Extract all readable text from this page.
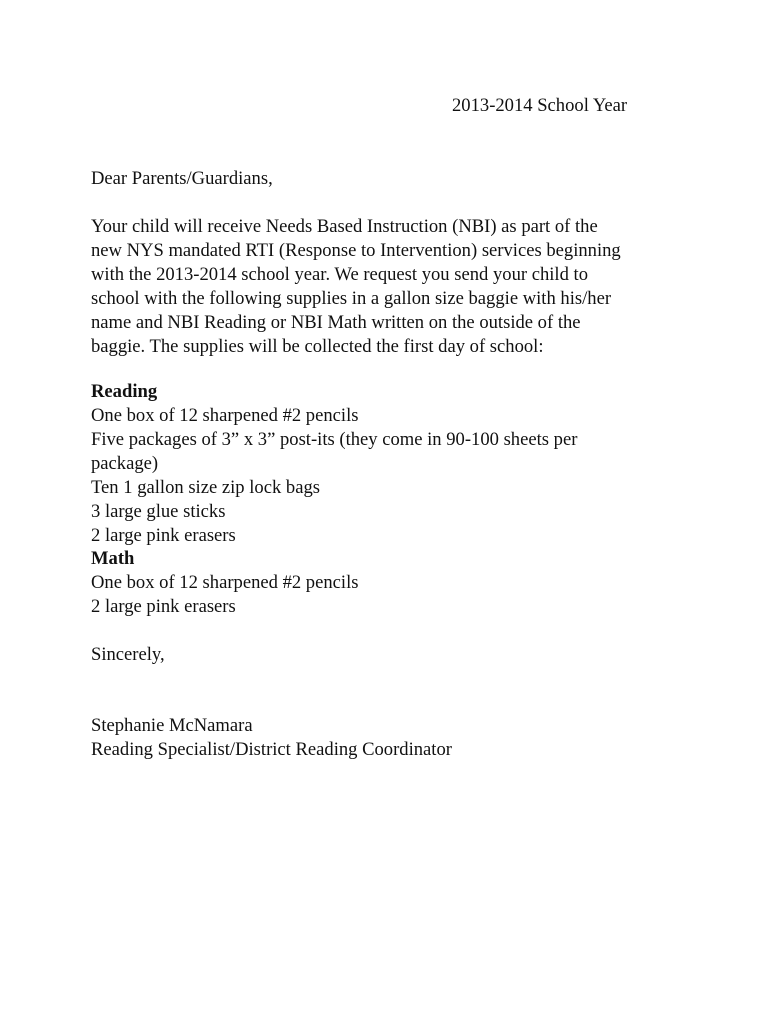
2013-2014 School Year
Dear Parents/Guardians,
Your child will receive Needs Based Instruction (NBI) as part of the
new NYS mandated RTI (Response to Intervention) services beginning
with the 2013-2014 school year. We request you send your child to
school with the following supplies in a gallon size baggie with his/her
name and NBI Reading or NBI Math written on the outside of the
baggie. The supplies will be collected the first day of school:
Reading
One box of 12 sharpened #2 pencils
Five packages of 3” x 3” post-its (they come in 90-100 sheets per
package)
Ten 1 gallon size zip lock bags
3 large glue sticks
2 large pink erasers
Math
One box of 12 sharpened #2 pencils
2 large pink erasers
Sincerely,
Stephanie McNamara
Reading Specialist/District Reading Coordinator
